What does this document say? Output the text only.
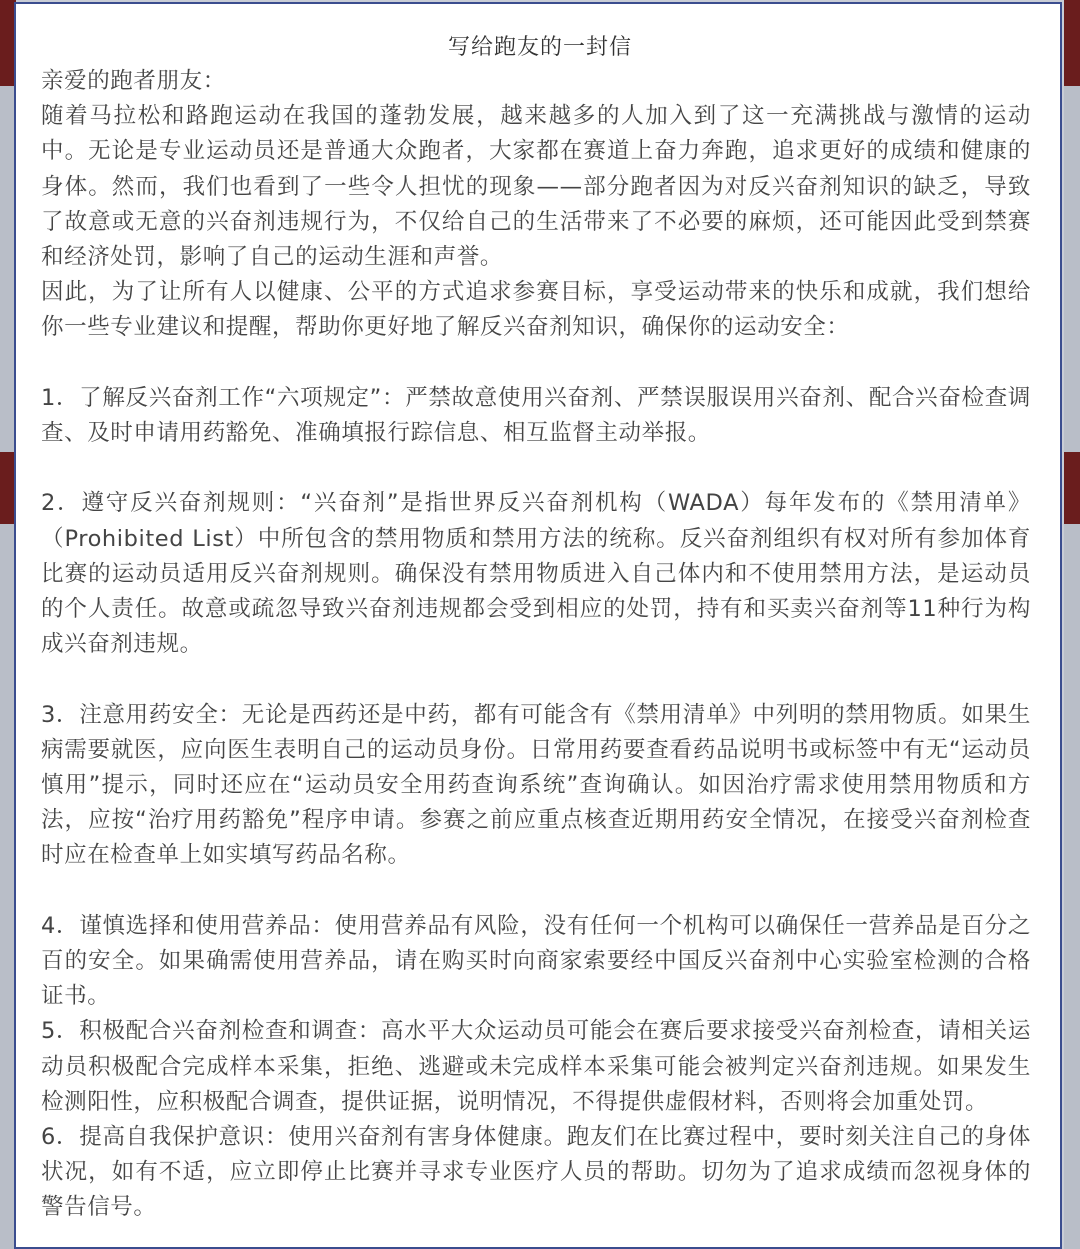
写给跑友的一封信

亲爱的跑者朋友：

随着马拉松和路跑运动在我国的蓬勃发展，越来越多的人加入到了这一充满挑战与激情的运动中。无论是专业运动员还是普通大众跑者，大家都在赛道上奋力奔跑，追求更好的成绩和健康的身体。然而，我们也看到了一些令人担忧的现象——部分跑者因为对反兴奋剂知识的缺乏，导致了故意或无意的兴奋剂违规行为，不仅给自己的生活带来了不必要的麻烦，还可能因此受到禁赛和经济处罚，影响了自己的运动生涯和声誉。

因此，为了让所有人以健康、公平的方式追求参赛目标，享受运动带来的快乐和成就，我们想给你一些专业建议和提醒，帮助你更好地了解反兴奋剂知识，确保你的运动安全：

1．了解反兴奋剂工作“六项规定”：严禁故意使用兴奋剂、严禁误服误用兴奋剂、配合兴奋检查调查、及时申请用药豁免、准确填报行踪信息、相互监督主动举报。

2．遵守反兴奋剂规则：“兴奋剂”是指世界反兴奋剂机构（WADA）每年发布的《禁用清单》（Prohibited List）中所包含的禁用物质和禁用方法的统称。反兴奋剂组织有权对所有参加体育比赛的运动员适用反兴奋剂规则。确保没有禁用物质进入自己体内和不使用禁用方法，是运动员的个人责任。故意或疏忽导致兴奋剂违规都会受到相应的处罚，持有和买卖兴奋剂等11种行为构成兴奋剂违规。

3．注意用药安全：无论是西药还是中药，都有可能含有《禁用清单》中列明的禁用物质。如果生病需要就医，应向医生表明自己的运动员身份。日常用药要查看药品说明书或标签中有无“运动员慎用”提示，同时还应在“运动员安全用药查询系统”查询确认。如因治疗需求使用禁用物质和方法，应按“治疗用药豁免”程序申请。参赛之前应重点核查近期用药安全情况，在接受兴奋剂检查时应在检查单上如实填写药品名称。

4．谨慎选择和使用营养品：使用营养品有风险，没有任何一个机构可以确保任一营养品是百分之百的安全。如果确需使用营养品，请在购买时向商家索要经中国反兴奋剂中心实验室检测的合格证书。

5．积极配合兴奋剂检查和调查：高水平大众运动员可能会在赛后要求接受兴奋剂检查，请相关运动员积极配合完成样本采集，拒绝、逃避或未完成样本采集可能会被判定兴奋剂违规。如果发生检测阳性，应积极配合调查，提供证据，说明情况，不得提供虚假材料，否则将会加重处罚。

6．提高自我保护意识：使用兴奋剂有害身体健康。跑友们在比赛过程中，要时刻关注自己的身体状况，如有不适，应立即停止比赛并寻求专业医疗人员的帮助。切勿为了追求成绩而忽视身体的警告信号。
